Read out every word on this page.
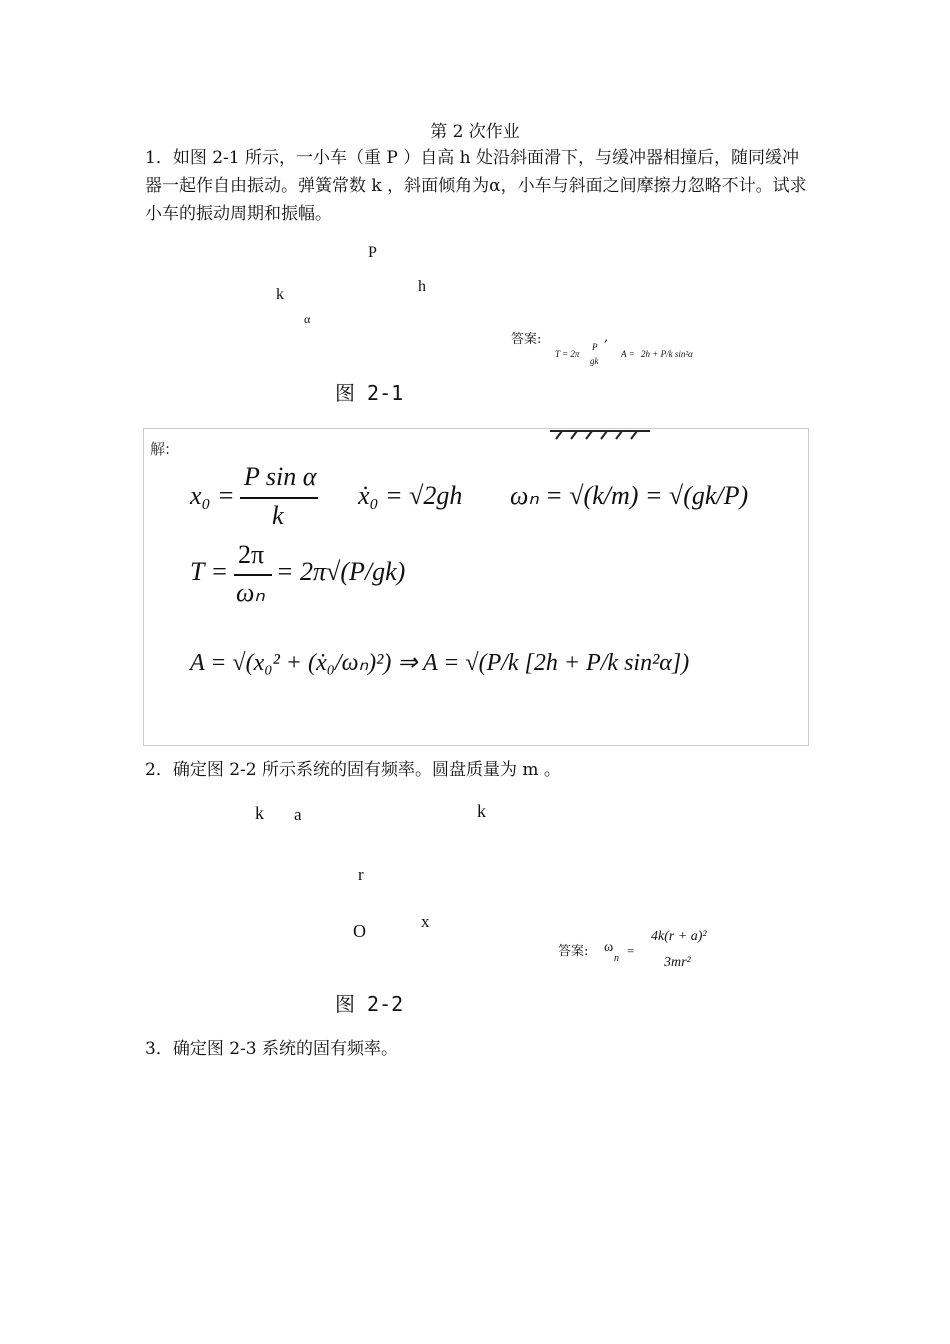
第 2 次作业
1．如图 2-1 所示，一小车（重 P ）自高 h 处沿斜面滑下，与缓冲器相撞后，随同缓冲器一起作自由振动。弹簧常数 k ，斜面倾角为α，小车与斜面之间摩擦力忽略不计。试求小车的振动周期和振幅。
P
h
k
α
图 2-1
答案:	,
T = 2π
P
gk
A = 2h + P/k sin²α
解:
x₀ =
P sin α
k
ẋ₀ = √2gh ωₙ = √(k/m) = √(gk/P)
T =
2π
ωₙ
= 2π√(P/gk)
A = √(x₀² + (ẋ₀/ωₙ)²) ⇒ A = √(P/k [2h + P/k sin²α])
2．确定图 2-2 所示系统的固有频率。圆盘质量为 m 。
k a	k
r
x
O
图 2-2
答案: ω
n
=
4k(r + a)²
3mr²
3．确定图 2-3 系统的固有频率。
